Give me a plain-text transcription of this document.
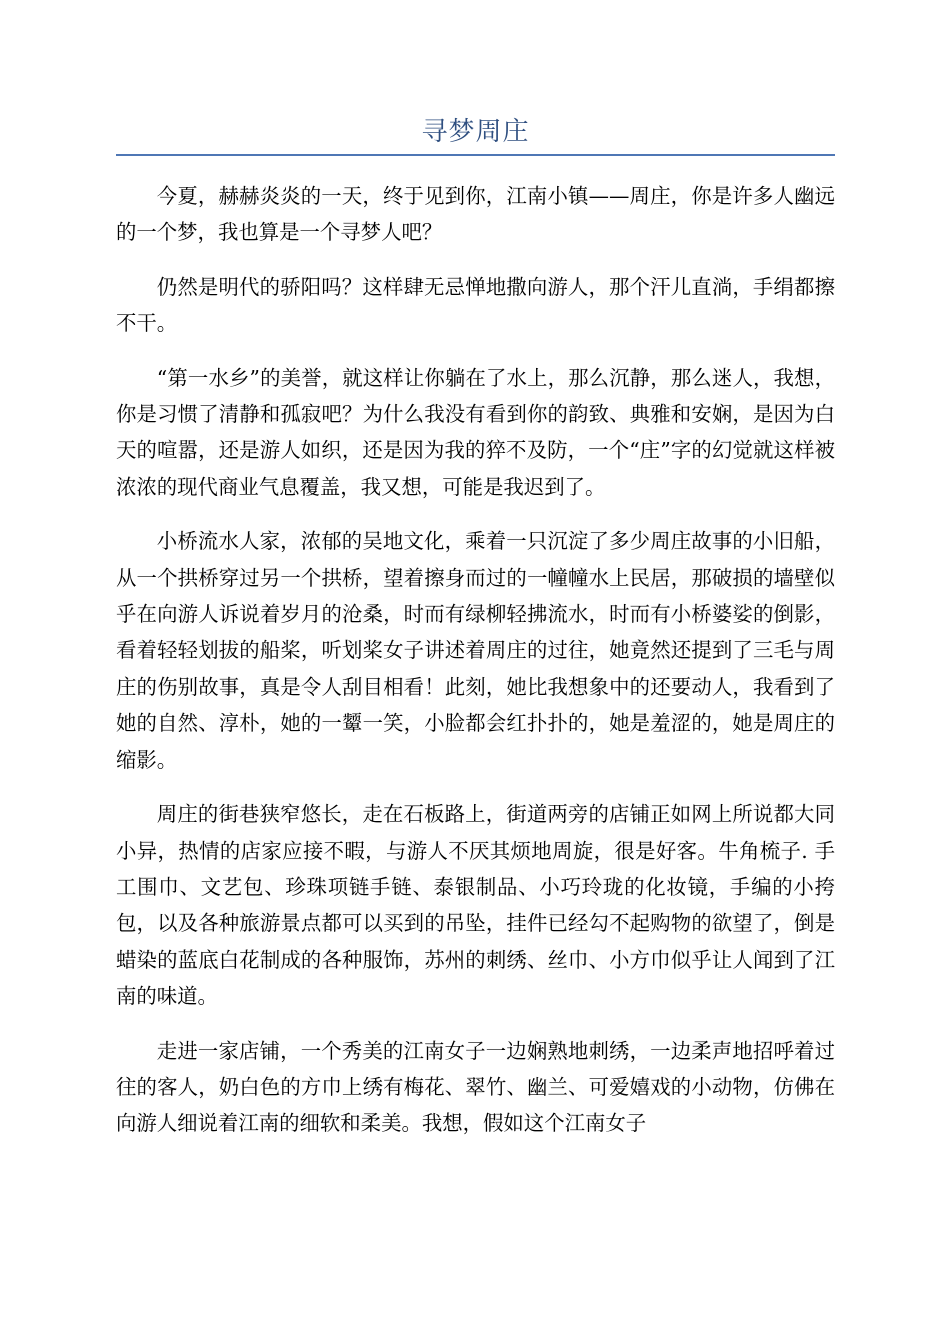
寻梦周庄

今夏，赫赫炎炎的一天，终于见到你，江南小镇——周庄，你是许多人幽远的一个梦，我也算是一个寻梦人吧？

仍然是明代的骄阳吗？这样肆无忌惮地撒向游人，那个汗儿直淌，手绢都擦不干。

“第一水乡”的美誉，就这样让你躺在了水上，那么沉静，那么迷人，我想，你是习惯了清静和孤寂吧？为什么我没有看到你的韵致、典雅和安娴，是因为白天的喧嚣，还是游人如织，还是因为我的猝不及防，一个“庄”字的幻觉就这样被浓浓的现代商业气息覆盖，我又想，可能是我迟到了。

小桥流水人家，浓郁的吴地文化，乘着一只沉淀了多少周庄故事的小旧船，从一个拱桥穿过另一个拱桥，望着擦身而过的一幢幢水上民居，那破损的墙壁似乎在向游人诉说着岁月的沧桑，时而有绿柳轻拂流水，时而有小桥婆娑的倒影，看着轻轻划拔的船桨，听划桨女子讲述着周庄的过往，她竟然还提到了三毛与周庄的伤别故事，真是令人刮目相看！此刻，她比我想象中的还要动人，我看到了她的自然、淳朴，她的一颦一笑，小脸都会红扑扑的，她是羞涩的，她是周庄的缩影。

周庄的街巷狭窄悠长，走在石板路上，街道两旁的店铺正如网上所说都大同小异，热情的店家应接不暇，与游人不厌其烦地周旋，很是好客。牛角梳子. 手工围巾、文艺包、珍珠项链手链、泰银制品、小巧玲珑的化妆镜，手编的小挎包，以及各种旅游景点都可以买到的吊坠，挂件已经勾不起购物的欲望了，倒是蜡染的蓝底白花制成的各种服饰，苏州的刺绣、丝巾、小方巾似乎让人闻到了江南的味道。

走进一家店铺，一个秀美的江南女子一边娴熟地刺绣，一边柔声地招呼着过往的客人，奶白色的方巾上绣有梅花、翠竹、幽兰、可爱嬉戏的小动物，仿佛在向游人细说着江南的细软和柔美。我想，假如这个江南女子
